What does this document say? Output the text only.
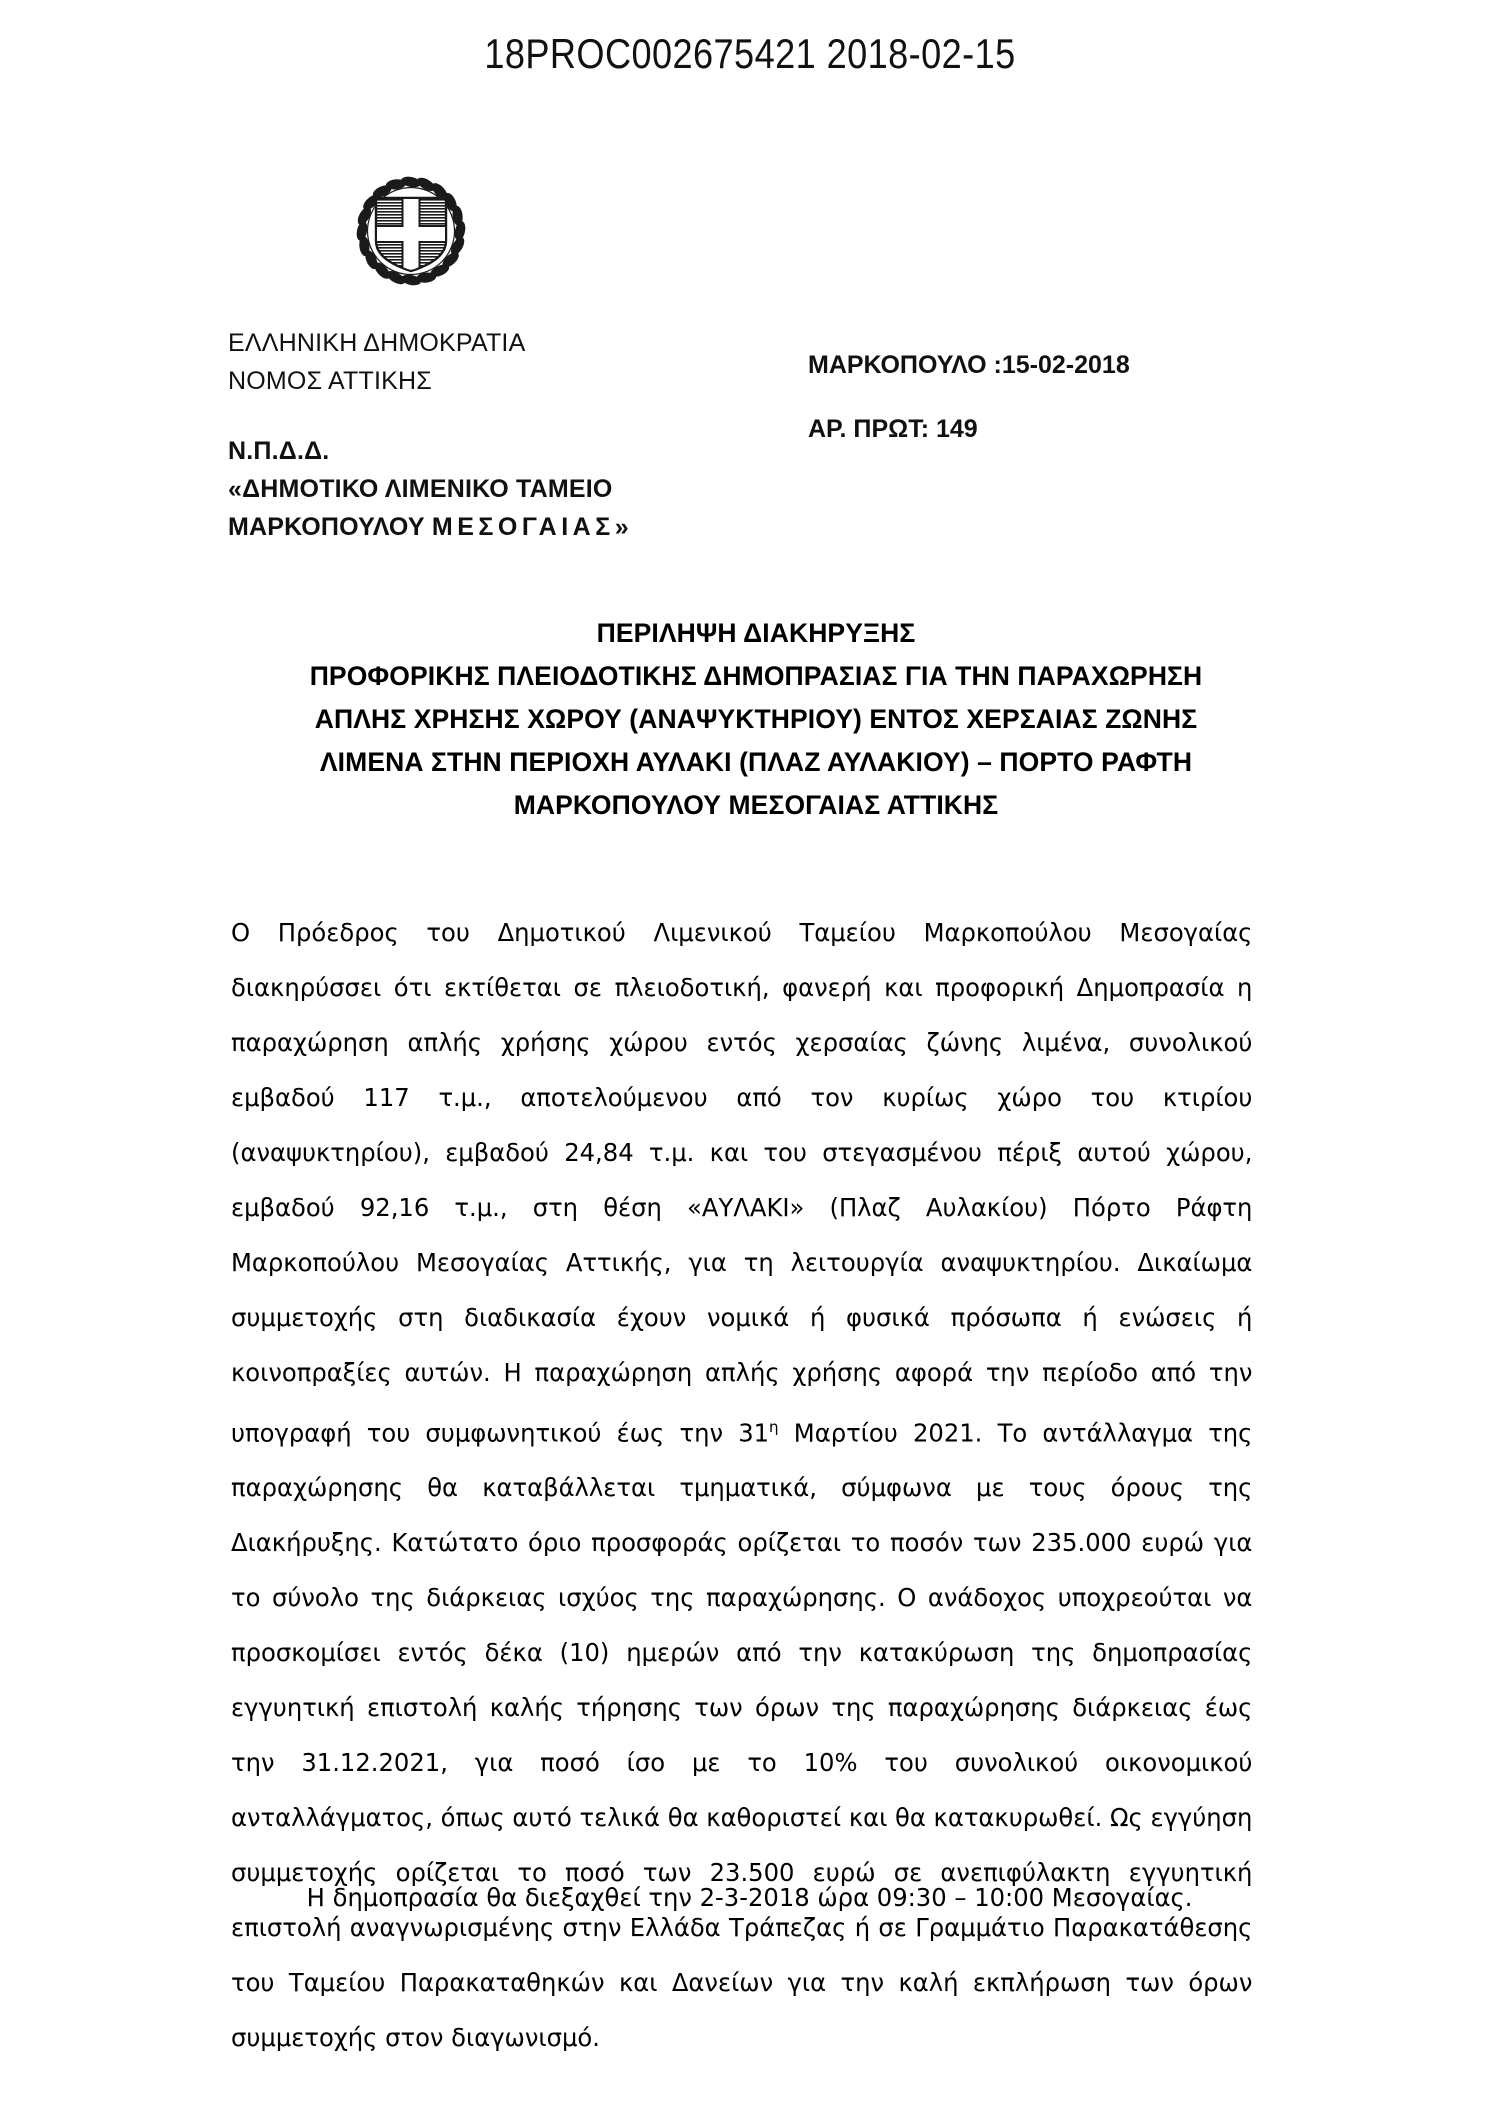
18PROC002675421 2018-02-15
ΕΛΛΗΝΙΚΗ ΔΗΜΟΚΡΑΤΙΑ
ΝΟΜΟΣ ΑΤΤΙΚΗΣ
Ν.Π.Δ.Δ.
«ΔΗΜΟΤΙΚΟ ΛΙΜΕΝΙΚΟ ΤΑΜΕΙΟ
ΜΑΡΚΟΠΟΥΛΟΥ ΜΕΣΟΓΑΙΑΣ»
ΜΑΡΚΟΠΟΥΛΟ :15-02-2018
ΑΡ. ΠΡΩΤ: 149
ΠΕΡΙΛΗΨΗ ΔΙΑΚΗΡΥΞΗΣ
ΠΡΟΦΟΡΙΚΗΣ ΠΛΕΙΟΔΟΤΙΚΗΣ ΔΗΜΟΠΡΑΣΙΑΣ ΓΙΑ ΤΗΝ ΠΑΡΑΧΩΡΗΣΗ
ΑΠΛΗΣ ΧΡΗΣΗΣ ΧΩΡΟΥ (ΑΝΑΨΥΚΤΗΡΙΟΥ) ΕΝΤΟΣ ΧΕΡΣΑΙΑΣ ΖΩΝΗΣ
ΛΙΜΕΝΑ ΣΤΗΝ ΠΕΡΙΟΧΗ ΑΥΛΑΚΙ (ΠΛΑΖ ΑΥΛΑΚΙΟΥ) – ΠΟΡΤΟ ΡΑΦΤΗ
ΜΑΡΚΟΠΟΥΛΟΥ ΜΕΣΟΓΑΙΑΣ ΑΤΤΙΚΗΣ

Ο Πρόεδρος του Δημοτικού Λιμενικού Ταμείου Μαρκοπούλου Μεσογαίας διακηρύσσει ότι εκτίθεται σε πλειοδοτική, φανερή και προφορική Δημοπρασία η παραχώρηση απλής χρήσης χώρου εντός χερσαίας ζώνης λιμένα, συνολικού εμβαδού 117 τ.μ., αποτελούμενου από τον κυρίως χώρο του κτιρίου (αναψυκτηρίου), εμβαδού 24,84 τ.μ. και του στεγασμένου πέριξ αυτού χώρου, εμβαδού 92,16 τ.μ., στη θέση «ΑΥΛΑΚΙ» (Πλαζ Αυλακίου) Πόρτο Ράφτη Μαρκοπούλου Μεσογαίας Αττικής, για τη λειτουργία αναψυκτηρίου. Δικαίωμα συμμετοχής στη διαδικασία έχουν νομικά ή φυσικά πρόσωπα ή ενώσεις ή κοινοπραξίες αυτών. Η παραχώρηση απλής χρήσης αφορά την περίοδο από την υπογραφή του συμφωνητικού έως την $31^\eta$ Μαρτίου 2021. Το αντάλλαγμα της παραχώρησης θα καταβάλλεται τμηματικά, σύμφωνα με τους όρους της Διακήρυξης. Κατώτατο όριο προσφοράς ορίζεται το ποσόν των 235.000 ευρώ για το σύνολο της διάρκειας ισχύος της παραχώρησης. Ο ανάδοχος υποχρεούται να προσκομίσει εντός δέκα (10) ημερών από την κατακύρωση της δημοπρασίας εγγυητική επιστολή καλής τήρησης των όρων της παραχώρησης διάρκειας έως την 31.12.2021, για ποσό ίσο με το 10% του συνολικού οικονομικού ανταλλάγματος, όπως αυτό τελικά θα καθοριστεί και θα κατακυρωθεί. Ως εγγύηση συμμετοχής ορίζεται το ποσό των 23.500 ευρώ σε ανεπιφύλακτη εγγυητική επιστολή αναγνωρισμένης στην Ελλάδα Τράπεζας ή σε Γραμμάτιο Παρακατάθεσης του Ταμείου Παρακαταθηκών και Δανείων για την καλή εκπλήρωση των όρων συμμετοχής στον διαγωνισμό.

Η δημοπρασία θα διεξαχθεί την 2-3-2018 ώρα 09:30 – 10:00 Μεσογαίας.
